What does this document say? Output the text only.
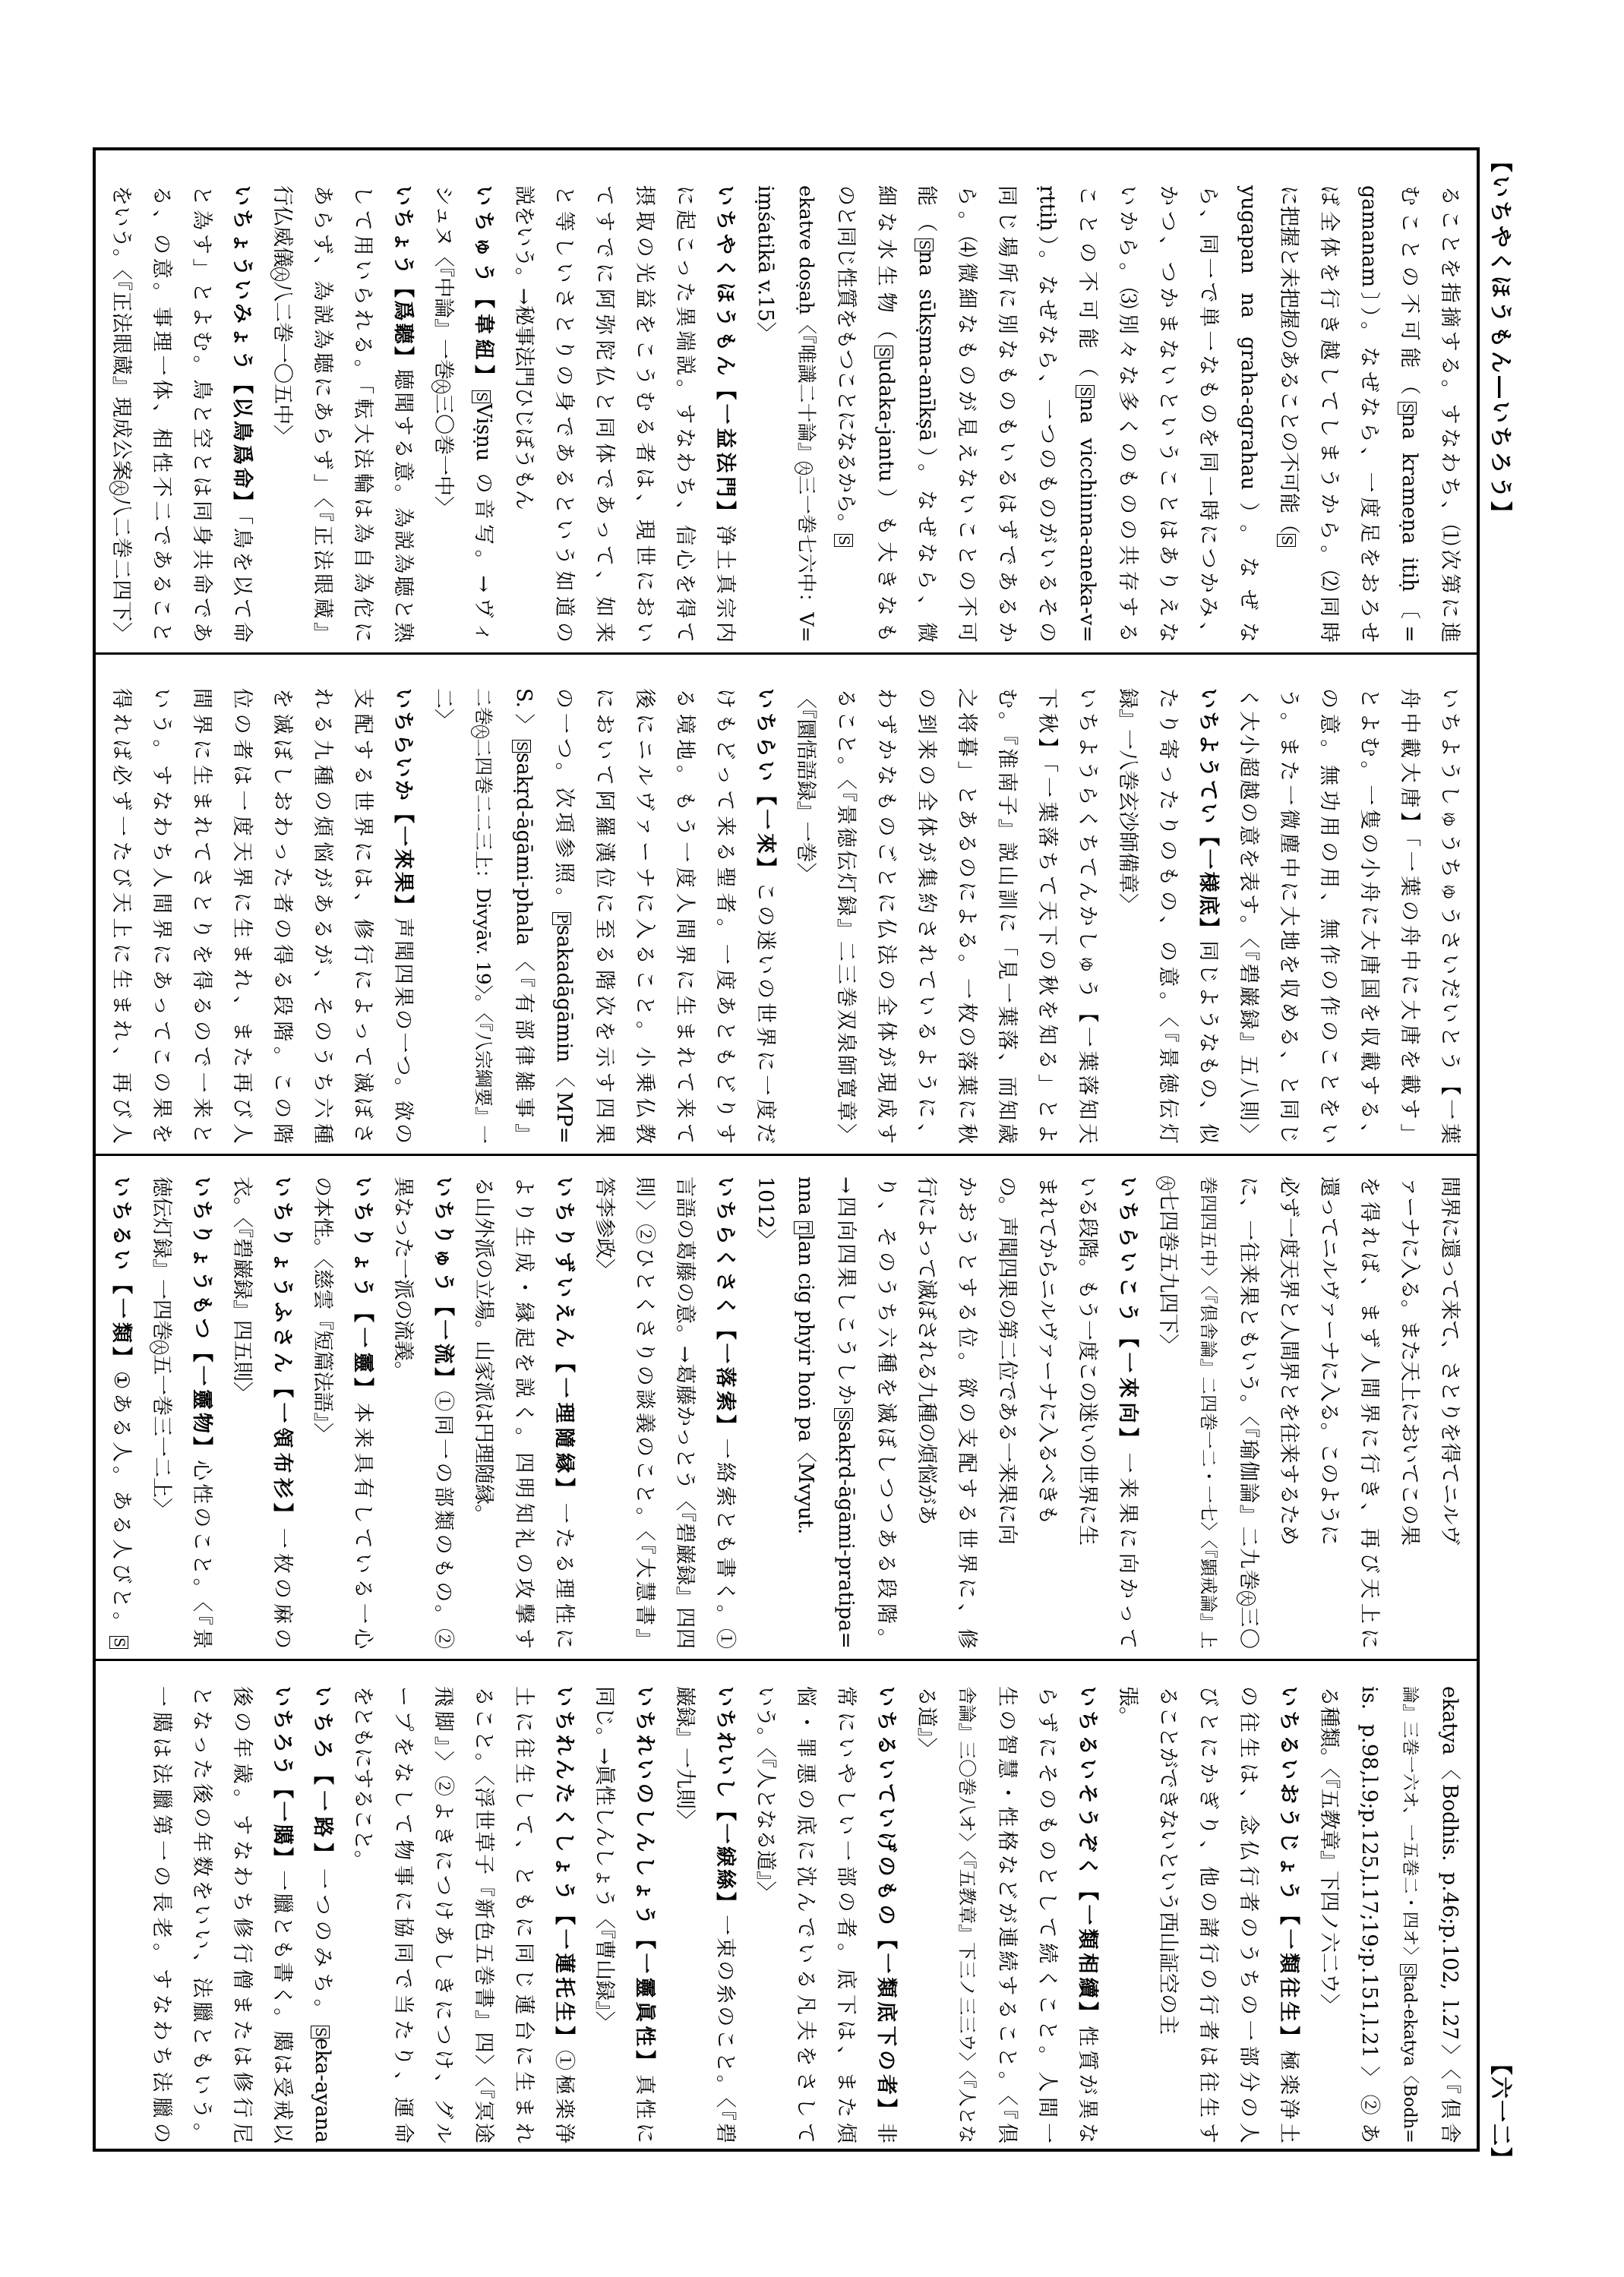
【いちやくほうもん―いちろう】
【六一二】
ることを指摘する。すなわち、⑴次第に進
むことの不可能（Sna krameṇa itiḥ〔=
gamanam〕）。なぜなら、一度足をおろせ
ば全体を行き越してしまうから。⑵同時
に把握と未把握のあることの不可能（S
yugapan na graha-agrahau）。なぜな
ら、同一で単一なものを同一時につかみ、
かつ、つかまないということはありえな
いから。⑶別々な多くのものの共存する
ことの不可能（Sna vicchinna-aneka-v=
ṛttiḥ）。なぜなら、一つのものがいるその
同じ場所に別なものもいるはずであるか
ら。⑷微細なものが見えないことの不可
能（Sna sūkṣma-anīkṣā）。なぜなら、微
細な水生物（Sudaka-jantu）も大きなも
のと同じ性質をもつことになるから。S
ekatve doṣaḥ〈『唯識二十論』大三一巻七六中：V=
iṃśatikā v.15〉
いちやくほうもん【一益法門】浄土真宗内
に起こった異端説。すなわち、信心を得て
摂取の光益をこうむる者は、現世におい
てすでに阿弥陀仏と同体であって、如来
と等しいさとりの身であるという如道の
説をいう。→秘事法門ひじぼうもん
いちゅう【韋紐】SViṣṇu の音写。→ヴィ
シュヌ〈『中論』一巻大三〇巻一中〉
いちょう【爲聽】聴聞する意。為説為聴と熟
して用いられる。「転大法輪は為自為佗に
あらず、為説為聴にあらず」〈『正法眼蔵』
行仏威儀大八二巻一〇五中〉
いちょういみょう【以鳥爲命】「鳥を以て命
と為す」とよむ。鳥と空とは同身共命であ
る、の意。事理一体、相性不二であること
をいう。〈『正法眼蔵』現成公案大八二巻二四下〉
いちようしゅうちゅうさいだいとう【一葉
舟中載大唐】「一葉の舟中に大唐を載す」
とよむ。一隻の小舟に大唐国を収載する、
の意。無功用の用、無作の作のことをい
う。また一微塵中に大地を収める、と同じ
く大小超越の意を表す。〈『碧巌録』五八則〉
いちようてい【一様底】同じようなもの、似
たり寄ったりのもの、の意。〈『景徳伝灯
録』一八巻玄沙師備章〉
いちようらくちてんかしゅう【一葉落知天
下秋】「一葉落ちて天下の秋を知る」とよ
む。『淮南子』説山訓に「見一葉落、而知歳
之将暮」とあるのによる。一枚の落葉に秋
の到来の全体が集約されているように、
わずかなものごとに仏法の全体が現成す
ること。〈『景徳伝灯録』二三巻双泉師寛章〉
〈『圜悟語録』一巻〉
いちらい【一來】この迷いの世界に一度だ
けもどって来る聖者。一度あともどりす
る境地。もう一度人間界に生まれて来て
後にニルヴァーナに入ること。小乗仏教
において阿羅漢位に至る階次を示す四果
の一つ。次項参照。Psakadāgāmin〈MP=
S.〉Ssakṛd-āgāmi-phala〈『有部律雑事』
二巻大二四巻二二三上：Divyāv. 19〉。〈『八宗綱要』一
二〉
いちらいか【一來果】声聞四果の一つ。欲の
支配する世界には、修行によって滅ぼさ
れる九種の煩悩があるが、そのうち六種
を滅ぼしおわった者の得る段階。この階
位の者は一度天界に生まれ、また再び人
間界に生まれてさとりを得るので一来と
いう。すなわち人間界にあってこの果を
得れば必ず一たび天上に生まれ、再び人
間界に還って来て、さとりを得てニルヴ
ァーナに入る。また天上においてこの果
を得れば、まず人間界に行き、再び天上に
還ってニルヴァーナに入る。このように
必ず一度天界と人間界とを往来するため
に、一往来果ともいう。〈『瑜伽論』二九巻大三〇
巻四四五中〉〈『倶舎論』二四巻一二・一七〉〈『顕戒論』上
大七四巻五九四下〉
いちらいこう【一來向】一来果に向かって
いる段階。もう一度この迷いの世界に生
まれてからニルヴァーナに入るべきも
の。声聞四果の第二位である一来果に向
かおうとする位。欲の支配する世界に、修
行によって滅ぼされる九種の煩悩があ
り、そのうち六種を滅ぼしつつある段階。
→四向四果しこうしかSsakṛd-āgāmi-pratipa=
nna Tlan cig phyir hoṅ pa〈Mvyut.
1012〉
いちらくさく【一落索】一絡索とも書く。①
言語の葛藤の意。→葛藤かっとう〈『碧巌録』四四
則〉②ひとくさりの談義のこと。〈『大慧書』
答李参政〉
いちりずいえん【一理隨縁】一たる理性に
より生成・縁起を説く。四明知礼の攻撃す
る山外派の立場。山家派は円理随縁。
いちりゅう【一流】①同一の部類のもの。②
異なった一派の流義。
いちりょう【一靈】本来具有している一心
の本性。〈慈雲『短篇法語』〉
いちりょうふさん【一領布衫】一枚の麻の
衣。〈『碧巌録』四五則〉
いちりょうもつ【一靈物】心性のこと。〈『景
徳伝灯録』一四巻大五一巻三一二上〉
いちるい【一類】①ある人。ある人びと。S
ekatya〈Bodhis. p.46;p.102, l.27〉〈『倶舎
論』三巻一六オ、一五巻二・四オ〉Stad-ekatya〈Bodh=
is. p.98,l.9;p.125,l.17;19;p.151,l.21〉②あ
る種類。〈『五教章』下四ノ六二ウ〉
いちるいおうじょう【一類往生】極楽浄土
の往生は、念仏行者のうちの一部分の人
びとにかぎり、他の諸行の行者は往生す
ることができないという西山証空の主
張。
いちるいそうぞく【一類相續】性質が異な
らずにそのものとして続くこと。人間一
生の智慧・性格などが連続すること。〈『倶
舎論』三〇巻八オ〉〈『五教章』下三ノ三三ウ〉〈『人とな
る道』〉
いちるいていげのもの【一類底下の者】非
常にいやしい一部の者。底下は、また煩
悩・罪悪の底に沈んでいる凡夫をさして
いう。〈『人となる道』〉
いちれいし【一綟絲】一束の糸のこと。〈『碧
巌録』一九則〉
いちれいのしんしょう【一靈眞性】真性に
同じ。→眞性しんしょう〈『曹山録』〉
いちれんたくしょう【一蓮托生】①極楽浄
土に往生して、ともに同じ蓮台に生まれ
ること。〈浮世草子『新色五巻書』四〉〈『冥途
飛脚』〉②よきにつけあしきにつけ、グル
ープをなして物事に協同で当たり、運命
をともにすること。
いちろ【一路】一つのみち。Seka-ayana
いちろう【一臈】一臘とも書く。臈は受戒以
後の年歳。すなわち修行僧または修行尼
となった後の年数をいい、法臘ともいう。
一臈は法臘第一の長老。すなわち法臘の
